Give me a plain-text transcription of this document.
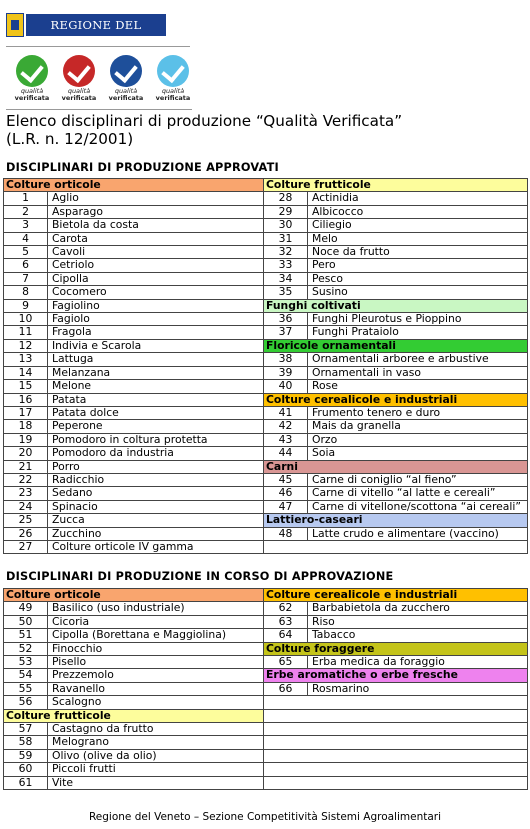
REGIONE DEL VENETO
qualità
verificata
qualità
verificata
qualità
verificata
qualità
verificata
Elenco disciplinari di produzione “Qualità Verificata”
(L.R. n. 12/2001)
DISCIPLINARI DI PRODUZIONE APPROVATI
Colture orticole		Colture frutticole	
1	Aglio	28	Actinidia
2	Asparago	29	Albicocco
3	Bietola da costa	30	Ciliegio
4	Carota	31	Melo
5	Cavoli	32	Noce da frutto
6	Cetriolo	33	Pero
7	Cipolla	34	Pesco
8	Cocomero	35	Susino
9	Fagiolino	Funghi coltivati	
10	Fagiolo	36	Funghi Pleurotus e Pioppino
11	Fragola	37	Funghi Prataiolo
12	Indivia e Scarola	Floricole ornamentali	
13	Lattuga	38	Ornamentali arboree e arbustive
14	Melanzana	39	Ornamentali in vaso
15	Melone	40	Rose
16	Patata	Colture cerealicole e industriali	
17	Patata dolce	41	Frumento tenero e duro
18	Peperone	42	Mais da granella
19	Pomodoro in coltura protetta	43	Orzo
20	Pomodoro da industria	44	Soia
21	Porro	Carni	
22	Radicchio	45	Carne di coniglio “al fieno”
23	Sedano	46	Carne di vitello “al latte e cereali”
24	Spinacio	47	Carne di vitellone/scottona “ai cereali”
25	Zucca	Lattiero-caseari	
26	Zucchino	48	Latte crudo e alimentare (vaccino)
27	Colture orticole IV gamma		
DISCIPLINARI DI PRODUZIONE IN CORSO DI APPROVAZIONE
Colture orticole		Colture cerealicole e industriali	
49	Basilico (uso industriale)	62	Barbabietola da zucchero
50	Cicoria	63	Riso
51	Cipolla (Borettana e Maggiolina)	64	Tabacco
52	Finocchio	Colture foraggere	
53	Pisello	65	Erba medica da foraggio
54	Prezzemolo	Erbe aromatiche o erbe fresche	
55	Ravanello	66	Rosmarino
56	Scalogno		
Colture frutticole			
57	Castagno da frutto		
58	Melograno		
59	Olivo (olive da olio)		
60	Piccoli frutti		
61	Vite		
Regione del Veneto – Sezione Competitività Sistemi Agroalimentari
